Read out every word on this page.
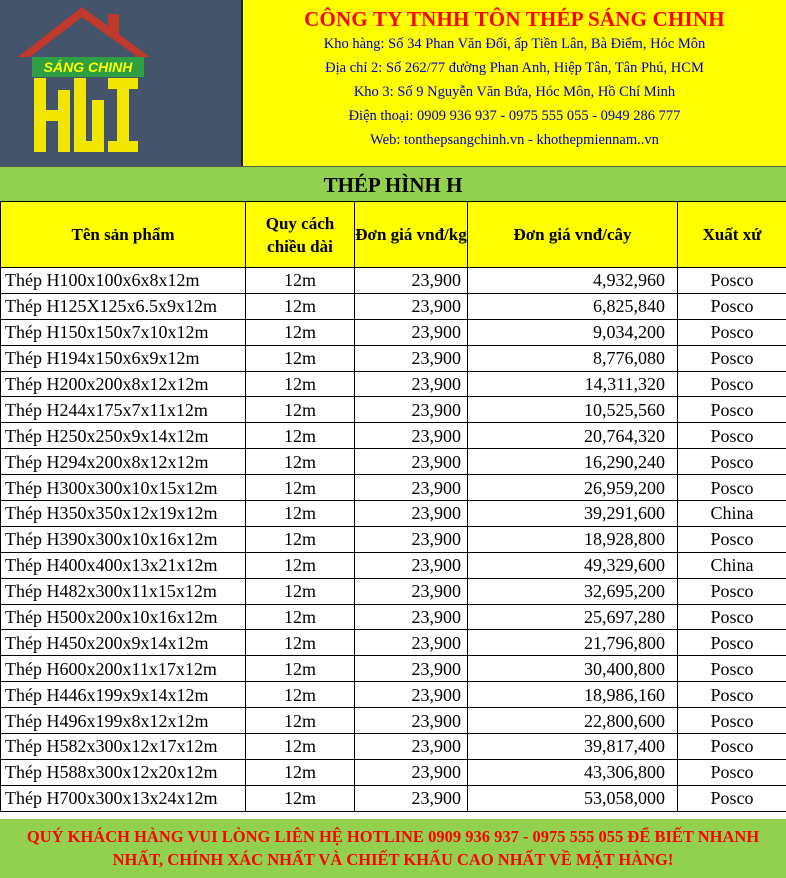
SÁNG CHINH
CÔNG TY TNHH TÔN THÉP SÁNG CHINH
Kho hàng: Số 34 Phan Văn Đối, ấp Tiền Lân, Bà Điểm, Hóc Môn
Địa chỉ 2: Số 262/77 đường Phan Anh, Hiệp Tân, Tân Phú, HCM
Kho 3: Số 9 Nguyễn Văn Bứa, Hóc Môn, Hồ Chí Minh
Điện thoại: 0909 936 937 - 0975 555 055 - 0949 286 777
Web: tonthepsangchinh.vn - khothepmiennam..vn
THÉP HÌNH H
Tên sản phẩm	Quy cách chiều dài	Đơn giá vnđ/kg	Đơn giá vnđ/cây	Xuất xứ
Thép H100x100x6x8x12m	12m	23,900	4,932,960	Posco
Thép H125X125x6.5x9x12m	12m	23,900	6,825,840	Posco
Thép H150x150x7x10x12m	12m	23,900	9,034,200	Posco
Thép H194x150x6x9x12m	12m	23,900	8,776,080	Posco
Thép H200x200x8x12x12m	12m	23,900	14,311,320	Posco
Thép H244x175x7x11x12m	12m	23,900	10,525,560	Posco
Thép H250x250x9x14x12m	12m	23,900	20,764,320	Posco
Thép H294x200x8x12x12m	12m	23,900	16,290,240	Posco
Thép H300x300x10x15x12m	12m	23,900	26,959,200	Posco
Thép H350x350x12x19x12m	12m	23,900	39,291,600	China
Thép H390x300x10x16x12m	12m	23,900	18,928,800	Posco
Thép H400x400x13x21x12m	12m	23,900	49,329,600	China
Thép H482x300x11x15x12m	12m	23,900	32,695,200	Posco
Thép H500x200x10x16x12m	12m	23,900	25,697,280	Posco
Thép H450x200x9x14x12m	12m	23,900	21,796,800	Posco
Thép H600x200x11x17x12m	12m	23,900	30,400,800	Posco
Thép H446x199x9x14x12m	12m	23,900	18,986,160	Posco
Thép H496x199x8x12x12m	12m	23,900	22,800,600	Posco
Thép H582x300x12x17x12m	12m	23,900	39,817,400	Posco
Thép H588x300x12x20x12m	12m	23,900	43,306,800	Posco
Thép H700x300x13x24x12m	12m	23,900	53,058,000	Posco
QUÝ KHÁCH HÀNG VUI LÒNG LIÊN HỆ HOTLINE 0909 936 937 - 0975 555 055 ĐỂ BIẾT NHANH
NHẤT, CHÍNH XÁC NHẤT VÀ CHIẾT KHẤU CAO NHẤT VỀ MẶT HÀNG!
